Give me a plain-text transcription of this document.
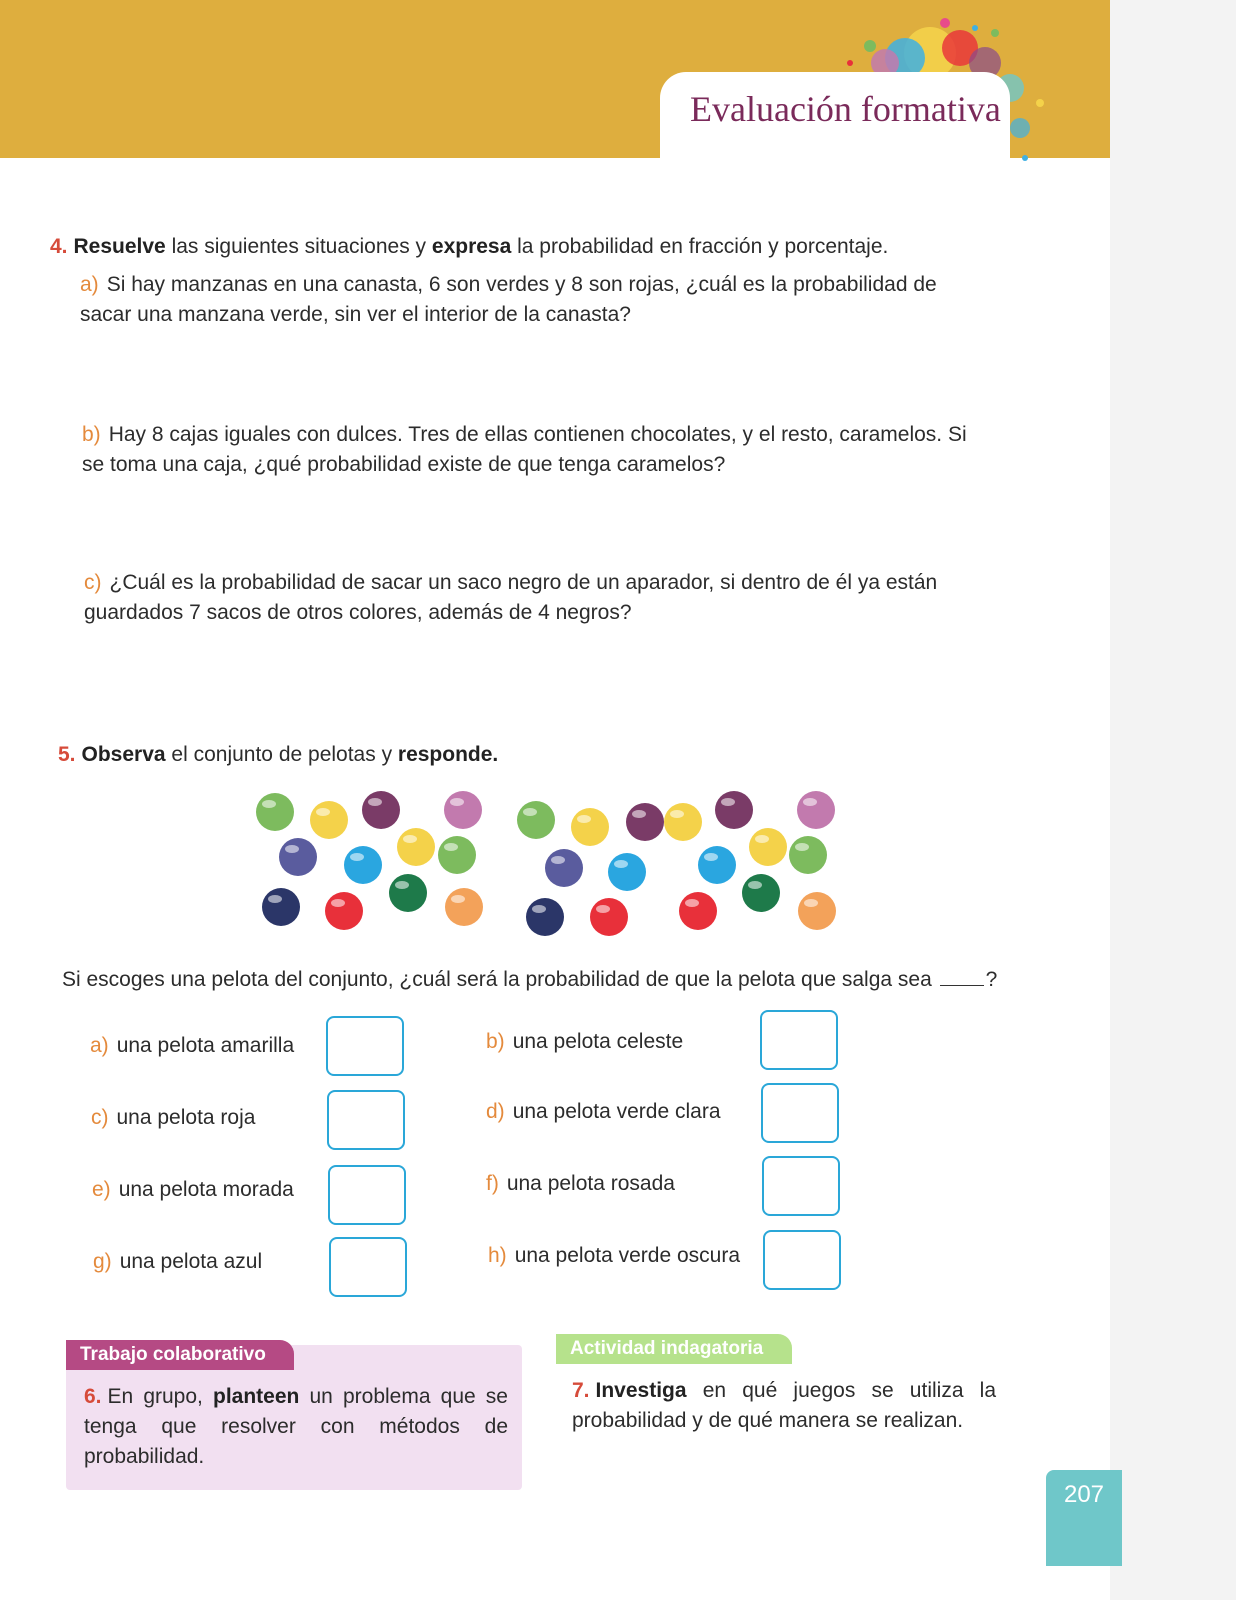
Evaluación formativa
4. Resuelve las siguientes situaciones y expresa la probabilidad en fracción y porcentaje.
a) Si hay manzanas en una canasta, 6 son verdes y 8 son rojas, ¿cuál es la probabilidad de sacar una manzana verde, sin ver el interior de la canasta?
b) Hay 8 cajas iguales con dulces. Tres de ellas contienen chocolates, y el resto, caramelos. Si se toma una caja, ¿qué probabilidad existe de que tenga caramelos?
c) ¿Cuál es la probabilidad de sacar un saco negro de un aparador, si dentro de él ya están guardados 7 sacos de otros colores, además de 4 negros?
5. Observa el conjunto de pelotas y responde.
Si escoges una pelota del conjunto, ¿cuál será la probabilidad de que la pelota que salga sea ?
a) una pelota amarilla	b) una pelota celeste
c) una pelota roja	d) una pelota verde clara
e) una pelota morada	f) una pelota rosada
g) una pelota azul	h) una pelota verde oscura
Trabajo colaborativo
6. En grupo, planteen un problema que se tenga que resolver con métodos de probabilidad.
Actividad indagatoria
7. Investiga en qué juegos se utiliza la probabilidad y de qué manera se realizan.
207
